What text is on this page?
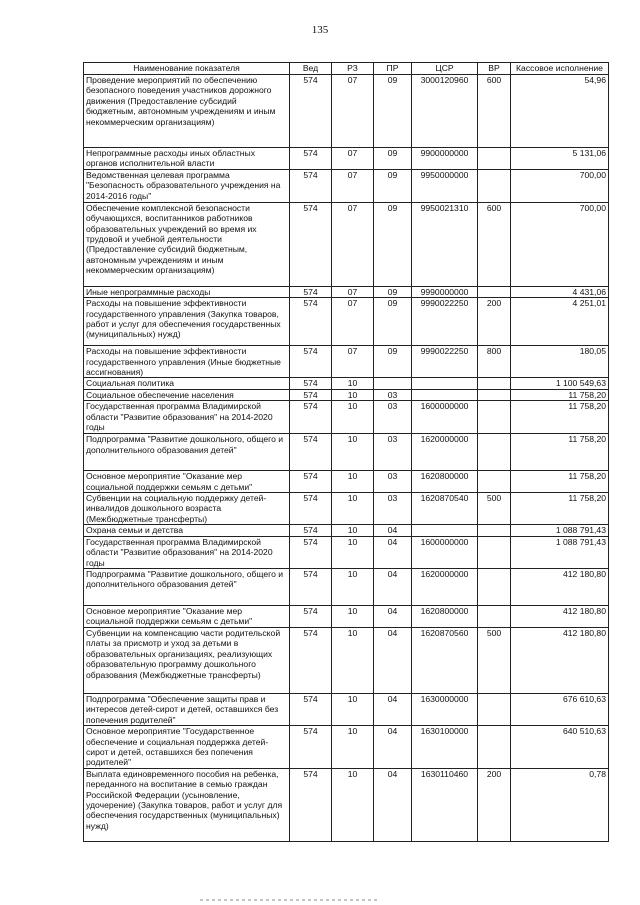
135
Наименование показателя	Вед	РЗ	ПР	ЦСР	ВР	Кассовое исполнение
Проведение мероприятий по обеспечению безопасного поведения участников дорожного движения (Предоставление субсидий бюджетным, автономным учреждениям и иным некоммерческим организациям)	574	07	09	3000120960	600	54,96
Непрограммные расходы иных областных органов исполнительной власти	574	07	09	9900000000		5 131,06
Ведомственная целевая программа "Безопасность образовательного учреждения на 2014-2016 годы"	574	07	09	9950000000		700,00
Обеспечение комплексной безопасности обучающихся, воспитанников работников образовательных учреждений во время их трудовой и учебной деятельности (Предоставление субсидий бюджетным, автономным учреждениям и иным некоммерческим организациям)	574	07	09	9950021310	600	700,00
Иные непрограммные расходы	574	07	09	9990000000		4 431,06
Расходы на повышение эффективности государственного управления (Закупка товаров, работ и услуг для обеспечения государственных (муниципальных) нужд)	574	07	09	9990022250	200	4 251,01
Расходы на повышение эффективности государственного управления (Иные бюджетные ассигнования)	574	07	09	9990022250	800	180,05
Социальная политика	574	10				1 100 549,63
Социальное обеспечение населения	574	10	03			11 758,20
Государственная программа Владимирской области "Развитие образования" на 2014-2020 годы	574	10	03	1600000000		11 758,20
Подпрограмма "Развитие дошкольного, общего и дополнительного образования детей"	574	10	03	1620000000		11 758,20
Основное мероприятие "Оказание мер социальной поддержки семьям с детьми"	574	10	03	1620800000		11 758,20
Субвенции на социальную поддержку детей-инвалидов дошкольного возраста (Межбюджетные трансферты)	574	10	03	1620870540	500	11 758,20
Охрана семьи и детства	574	10	04			1 088 791,43
Государственная программа Владимирской области "Развитие образования" на 2014-2020 годы	574	10	04	1600000000		1 088 791,43
Подпрограмма "Развитие дошкольного, общего и дополнительного образования детей"	574	10	04	1620000000		412 180,80
Основное мероприятие "Оказание мер социальной поддержки семьям с детьми"	574	10	04	1620800000		412 180,80
Субвенции на компенсацию части родительской платы за присмотр и уход за детьми в образовательных организациях, реализующих образовательную программу дошкольного образования (Межбюджетные трансферты)	574	10	04	1620870560	500	412 180,80
Подпрограмма "Обеспечение защиты прав и интересов детей-сирот и детей, оставшихся без попечения родителей"	574	10	04	1630000000		676 610,63
Основное мероприятие "Государственное обеспечение и социальная поддержка детей-сирот и детей, оставшихся без попечения родителей"	574	10	04	1630100000		640 510,63
Выплата единовременного пособия на ребенка, переданного на воспитание в семью граждан Российской Федерации (усыновление, удочерение) (Закупка товаров, работ и услуг для обеспечения государственных (муниципальных) нужд)	574	10	04	1630110460	200	0,78
